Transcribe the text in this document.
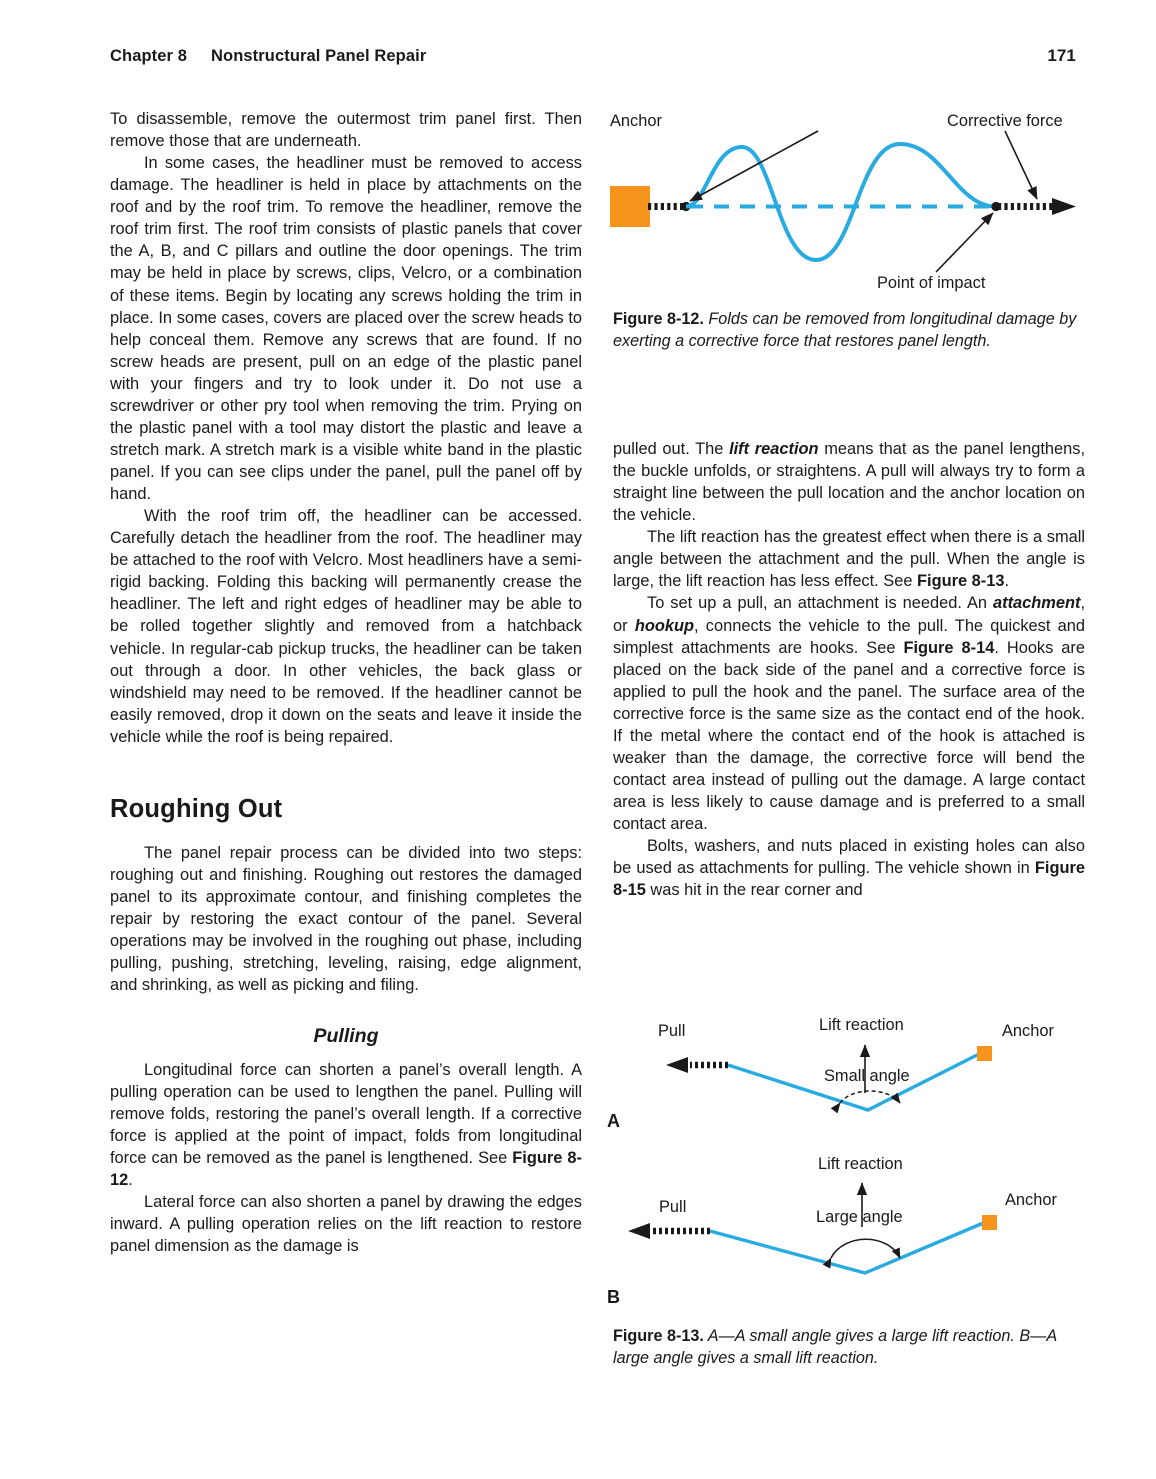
Chapter 8 Nonstructural Panel Repair	171

To disassemble, remove the outermost trim panel first. Then remove those that are underneath.

In some cases, the headliner must be removed to access damage. The headliner is held in place by attachments on the roof and by the roof trim. To remove the headliner, remove the roof trim first. The roof trim consists of plastic panels that cover the A, B, and C pillars and outline the door openings. The trim may be held in place by screws, clips, Velcro, or a combination of these items. Begin by locating any screws holding the trim in place. In some cases, covers are placed over the screw heads to help conceal them. Remove any screws that are found. If no screw heads are present, pull on an edge of the plastic panel with your fingers and try to look under it. Do not use a screwdriver or other pry tool when removing the trim. Prying on the plastic panel with a tool may distort the plastic and leave a stretch mark. A stretch mark is a visible white band in the plastic panel. If you can see clips under the panel, pull the panel off by hand.

With the roof trim off, the headliner can be accessed. Carefully detach the headliner from the roof. The headliner may be attached to the roof with Velcro. Most headliners have a semi-rigid backing. Folding this backing will permanently crease the headliner. The left and right edges of headliner may be able to be rolled together slightly and removed from a hatchback vehicle. In regular-cab pickup trucks, the headliner can be taken out through a door. In other vehicles, the back glass or windshield may need to be removed. If the headliner cannot be easily removed, drop it down on the seats and leave it inside the vehicle while the roof is being repaired.

Roughing Out

The panel repair process can be divided into two steps: roughing out and finishing. Roughing out restores the damaged panel to its approximate contour, and finishing completes the repair by restoring the exact contour of the panel. Several operations may be involved in the roughing out phase, including pulling, pushing, stretching, leveling, raising, edge alignment, and shrinking, as well as picking and filing.

Pulling

Longitudinal force can shorten a panel’s overall length. A pulling operation can be used to lengthen the panel. Pulling will remove folds, restoring the panel’s overall length. If a corrective force is applied at the point of impact, folds from longitudinal force can be removed as the panel is lengthened. See Figure 8-12.

Lateral force can also shorten a panel by drawing the edges inward. A pulling operation relies on the lift reaction to restore panel dimension as the damage is

Anchor	Corrective force
Point of impact
Figure 8-12. Folds can be removed from longitudinal damage by exerting a corrective force that restores panel length.

pulled out. The lift reaction means that as the panel lengthens, the buckle unfolds, or straightens. A pull will always try to form a straight line between the pull location and the anchor location on the vehicle.

The lift reaction has the greatest effect when there is a small angle between the attachment and the pull. When the angle is large, the lift reaction has less effect. See Figure 8-13.

To set up a pull, an attachment is needed. An attachment, or hookup, connects the vehicle to the pull. The quickest and simplest attachments are hooks. See Figure 8-14. Hooks are placed on the back side of the panel and a corrective force is applied to pull the hook and the panel. The surface area of the corrective force is the same size as the contact end of the hook. If the metal where the contact end of the hook is attached is weaker than the damage, the corrective force will bend the contact area instead of pulling out the damage. A large contact area is less likely to cause damage and is preferred to a small contact area.

Bolts, washers, and nuts placed in existing holes can also be used as attachments for pulling. The vehicle shown in Figure 8-15 was hit in the rear corner and

Pull	Lift reaction
Small angle
Anchor
A
Pull
Lift reaction
Large angle
Anchor
B
Figure 8-13. A—A small angle gives a large lift reaction. B—A large angle gives a small lift reaction.
